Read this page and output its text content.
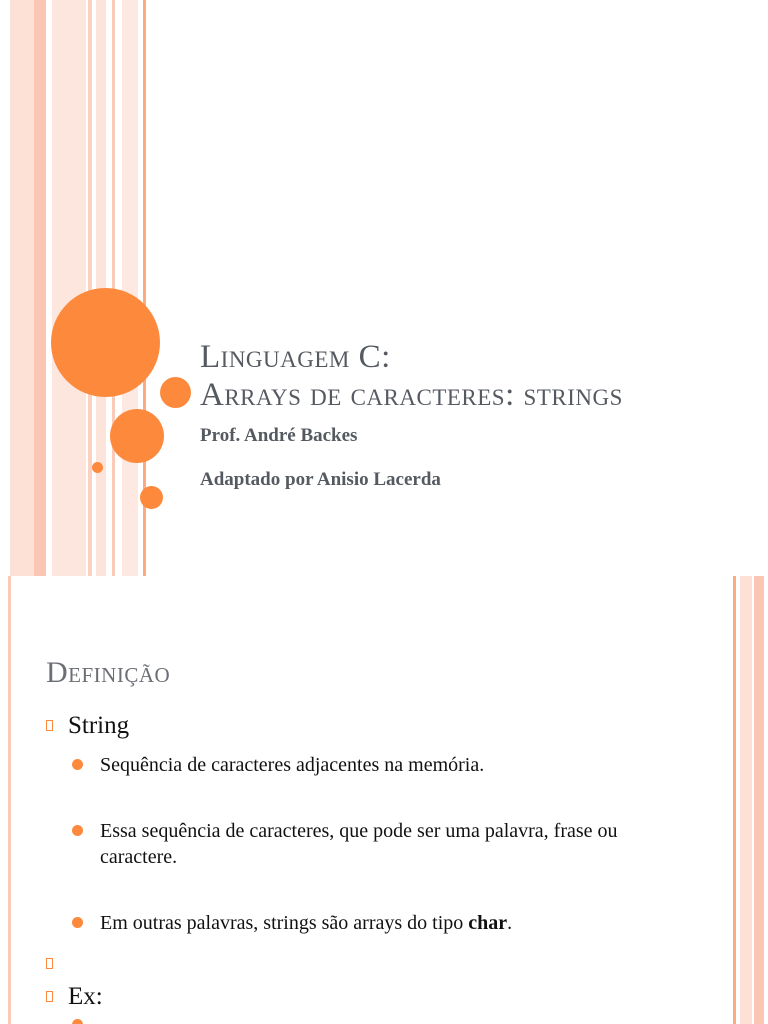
Linguagem C:
Arrays de caracteres: strings
Prof. André Backes
Adaptado por Anisio Lacerda
Definição
String
Sequência de caracteres adjacentes na memória.
Essa sequência de caracteres, que pode ser uma palavra, frase ou caractere.
Em outras palavras, strings são arrays do tipo char.
Ex:
